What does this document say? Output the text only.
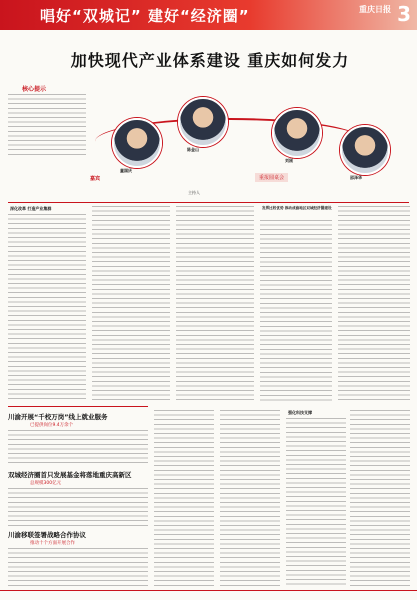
唱好“双城记” 建好“经济圈”	重庆日报 3
加快现代产业体系建设 重庆如何发力
核心提示
童国庆
陈金山
刘刚
邵泽华
嘉宾	重报圆桌会
主持人
深化改革 打造产业集群	发挥比较优势 推动成渝地区双城经济圈建设
川渝开展“千校万岗”线上就业服务
已提供岗位9.4万余个
双城经济圈首只发展基金将落地重庆高新区
总规模300亿元
川渝移联签署战略合作协议
推动十个方面开展合作
强化科技支撑
